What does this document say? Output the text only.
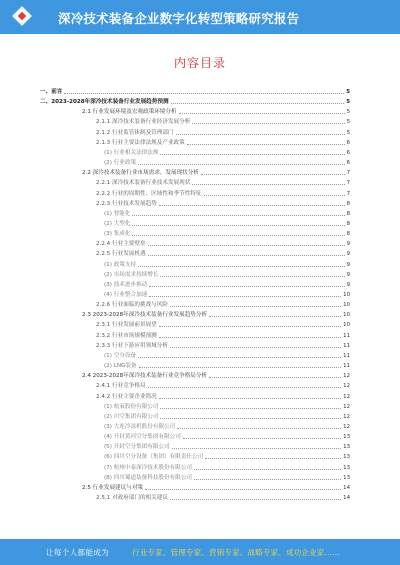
深冷技术装备企业数字化转型策略研究报告
内容目录
一、前言	5
二、2023-2028年深冷技术装备行业发展趋势预测	5
2.1 行业发展环境及宏观政策环境分析	5
2.1.1 深冷技术装备行业经济发展分析	5
2.1.2 行业监管体制及管理部门	5
2.1.3 行业主要法律法规及产业政策	6
(1) 行业相关法律法规	6
(2) 行业政策	6
2.2 深冷技术装备行业市场需求、发展现状分析	7
2.2.1 深冷技术装备行业技术发展现状	7
2.2.2 行业的周期性、区域性和季节性特征	7
2.2.3 行业技术发展趋势	8
(1) 智能化	8
(2) 大型化	8
(3) 集成化	8
2.2.4 行业主要壁垒	9
2.2.5 行业发展机遇	9
(1) 政策支持	9
(2) 市场需求持续增长	9
(3) 技术进步推动	9
(4) 行业整合加速	10
2.2.6 行业面临的挑战与风险	10
2.3 2023-2028年深冷技术装备行业发展趋势分析	10
2.3.1 行业发展前景展望	10
2.3.2 行业市场规模预测	11
2.3.3 行业下游应用领域分析	11
(1) 空分设备	11
(2) LNG装备	11
2.4 2023-2028年深冷技术装备行业竞争格局分析	12
2.4.1 行业竞争格局	12
2.4.2 行业主要企业简况	12
(1) 杭氧股份有限公司	12
(2) 川空集团有限公司	12
(3) 大连冷冻机股份有限公司	12
(4) 开封黄河空分集团有限公司	13
(5) 开封空分集团有限公司	13
(6) 四川空分设备（集团）有限责任公司	13
(7) 杭州中泰深冷技术股份有限公司	13
(8) 四川蜀道装备科技股份有限公司	13
2.5 行业发展建议与对策	14
2.5.1 对政府部门的相关建议	14
让每个人都能成为	行业专家、管理专家、营销专家、战略专家、成功企业家……
